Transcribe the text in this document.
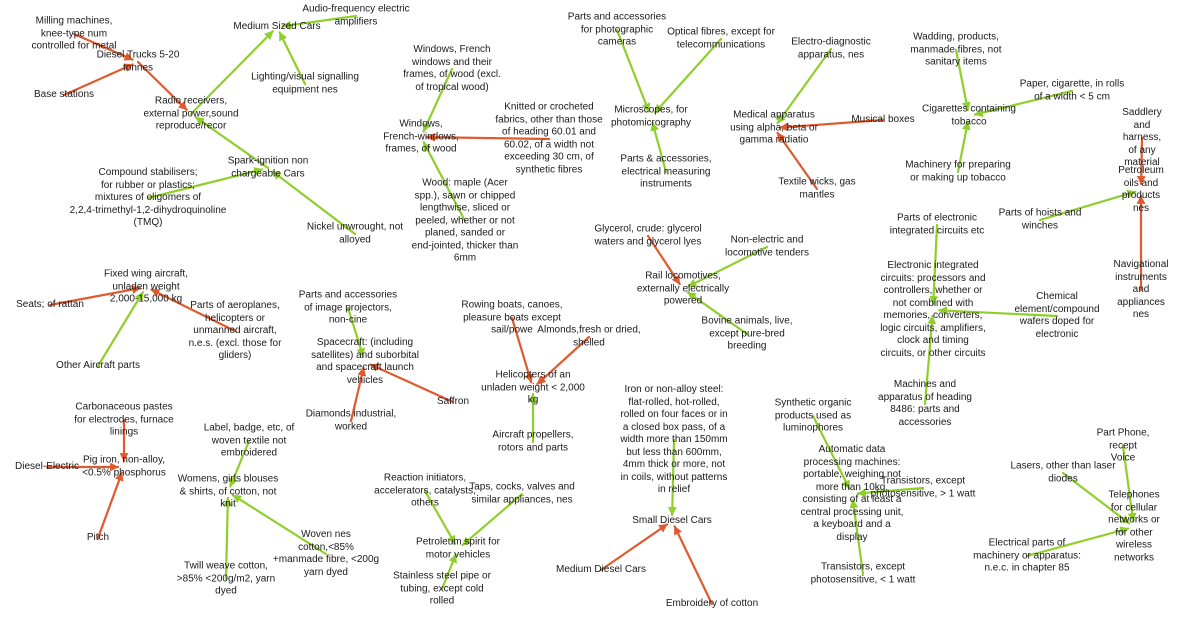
Milling machines,
knee-type num
controlled for metal
Medium Sized Cars
Audio-frequency electric
amplifiers
Diesel Trucks 5-20
tonnes
Base stations
Lighting/visual signalling
equipment nes
Radio receivers,
external power,sound
reproduce/recor
Spark-ignition non
chargeable Cars
Compound stabilisers;
for rubber or plastics;
mixtures of oligomers of
2,2,4-trimethyl-1,2-dihydroquinoline
(TMQ)	Nickel unwrought, not
alloyed
Windows, French
windows and their
frames, of wood (excl.
of tropical wood)
Windows,
French-windows,
frames, of wood
Knitted or crocheted
fabrics, other than those
of heading 60.01 and
60.02, of a width not
exceeding 30 cm, of
synthetic fibres
Wood: maple (Acer
spp.), sawn or chipped
lengthwise, sliced or
peeled, whether or not
planed, sanded or
end-jointed, thicker than
6mm
Parts and accessories
for photographic
cameras
Optical fibres, except for
telecommunications
Microscopes, for
photomicrography
Parts & accessories,
electrical measuring
instruments
Electro-diagnostic
apparatus, nes
Medical apparatus
using alpha, beta or
gamma radiatio
Musical boxes
Textile wicks, gas
mantles
Wadding, products,
manmade fibres, not
sanitary items
Paper, cigarette, in rolls
of a width < 5 cm
Cigarettes containing
tobacco
Machinery for preparing
or making up tobacco
Saddlery and harness,
of any material
Petroleum oils and
products nes
Parts of hoists and
winches
Navigational
instruments and
appliances nes
Glycerol, crude: glycerol
waters and glycerol lyes	Non-electric and
locomotive tenders
Rail locomotives,
externally electrically
powered
Bovine animals, live,
except pure-bred
breeding
Parts of electronic
integrated circuits etc
Electronic integrated
circuits: processors and
controllers, whether or
not combined with
memories, converters,
logic circuits, amplifiers,
clock and timing
circuits, or other circuits
Chemical
element/compound
wafers doped for
electronic
Machines and
apparatus of heading
8486: parts and
accessories
Fixed wing aircraft,
unladen weight
2,000-15,000 kg
Seats; of rattan	Parts of aeroplanes,
helicopters or
unmanned aircraft,
n.e.s. (excl. those for
gliders)
Other Aircraft parts
Parts and accessories
of image projectors,
non-cine
Spacecraft: (including
satellites) and suborbital
and spacecraft launch
vehicles
Saffron
Diamonds industrial,
worked
Rowing boats, canoes,
pleasure boats except
sail/powe Almonds,fresh or dried,
shelled
Helicopters of an
unladen weight < 2,000
kg
Aircraft propellers,
rotors and parts
Iron or non-alloy steel:
flat-rolled, hot-rolled,
rolled on four faces or in
a closed box pass, of a
width more than 150mm
but less than 600mm,
4mm thick or more, not
in coils, without patterns
in relief
Small Diesel Cars
Medium Diesel Cars
Embroidery of cotton
Carbonaceous pastes
for electrodes, furnace
linings
Diesel-Electric
Pig iron, non-alloy,
<0.5% phosphorus
Pitch
Label, badge, etc, of
woven textile not
embroidered
Womens, girls blouses
& shirts, of cotton, not
knit
Twill weave cotton,
>85% <200g/m2, yarn
dyed
Woven nes
cotton,<85%
+manmade fibre, <200g
yarn dyed
Reaction initiators,
accelerators, catalysts,
others
Taps, cocks, valves and
similar appliances, nes
Petroleum spirit for
motor vehicles
Stainless steel pipe or
tubing, except cold
rolled
Synthetic organic
products used as
luminophores
Automatic data
processing machines:
portable, weighing not
more than 10kg,
consisting of at least a
central processing unit,
a keyboard and a
display
Transistors, except
photosensitive, > 1 watt
Transistors, except
photosensitive, < 1 watt
Part Phone, recept
Voice
Lasers, other than laser
diodes
Telephones for cellular
networks or for other
wireless networks
Electrical parts of
machinery or apparatus:
n.e.c. in chapter 85
